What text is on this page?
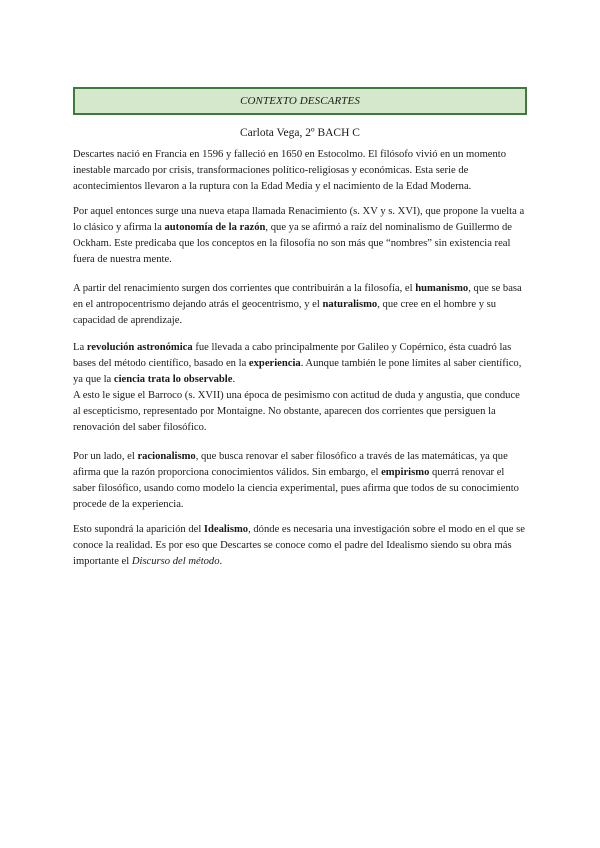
CONTEXTO DESCARTES
Carlota Vega, 2º BACH C

Descartes nació en Francia en 1596 y falleció en 1650 en Estocolmo. El filósofo vivió en un momento inestable marcado por crisis, transformaciones político-religiosas y económicas. Esta serie de acontecimientos llevaron a la ruptura con la Edad Media y el nacimiento de la Edad Moderna.

Por aquel entonces surge una nueva etapa llamada Renacimiento (s. XV y s. XVI), que propone la vuelta a lo clásico y afirma la autonomía de la razón, que ya se afirmó a raíz del nominalismo de Guillermo de Ockham. Este predicaba que los conceptos en la filosofía no son más que “nombres” sin existencia real fuera de nuestra mente.

A partir del renacimiento surgen dos corrientes que contribuirán a la filosofía, el humanismo, que se basa en el antropocentrismo dejando atrás el geocentrismo, y el naturalismo, que cree en el hombre y su capacidad de aprendizaje.

La revolución astronómica fue llevada a cabo principalmente por Galileo y Copérnico, ésta cuadró las bases del método científico, basado en la experiencia. Aunque también le pone límites al saber científico, ya que la ciencia trata lo observable.
A esto le sigue el Barroco (s. XVII) una época de pesimismo con actitud de duda y angustia, que conduce al escepticismo, representado por Montaigne. No obstante, aparecen dos corrientes que persiguen la renovación del saber filosófico.

Por un lado, el racionalismo, que busca renovar el saber filosófico a través de las matemáticas, ya que afirma que la razón proporciona conocimientos válidos. Sin embargo, el empirismo querrá renovar el saber filosófico, usando como modelo la ciencia experimental, pues afirma que todos de su conocimiento procede de la experiencia.

Esto supondrá la aparición del Idealismo, dónde es necesaria una investigación sobre el modo en el que se conoce la realidad. Es por eso que Descartes se conoce como el padre del Idealismo siendo su obra más importante el Discurso del método.
